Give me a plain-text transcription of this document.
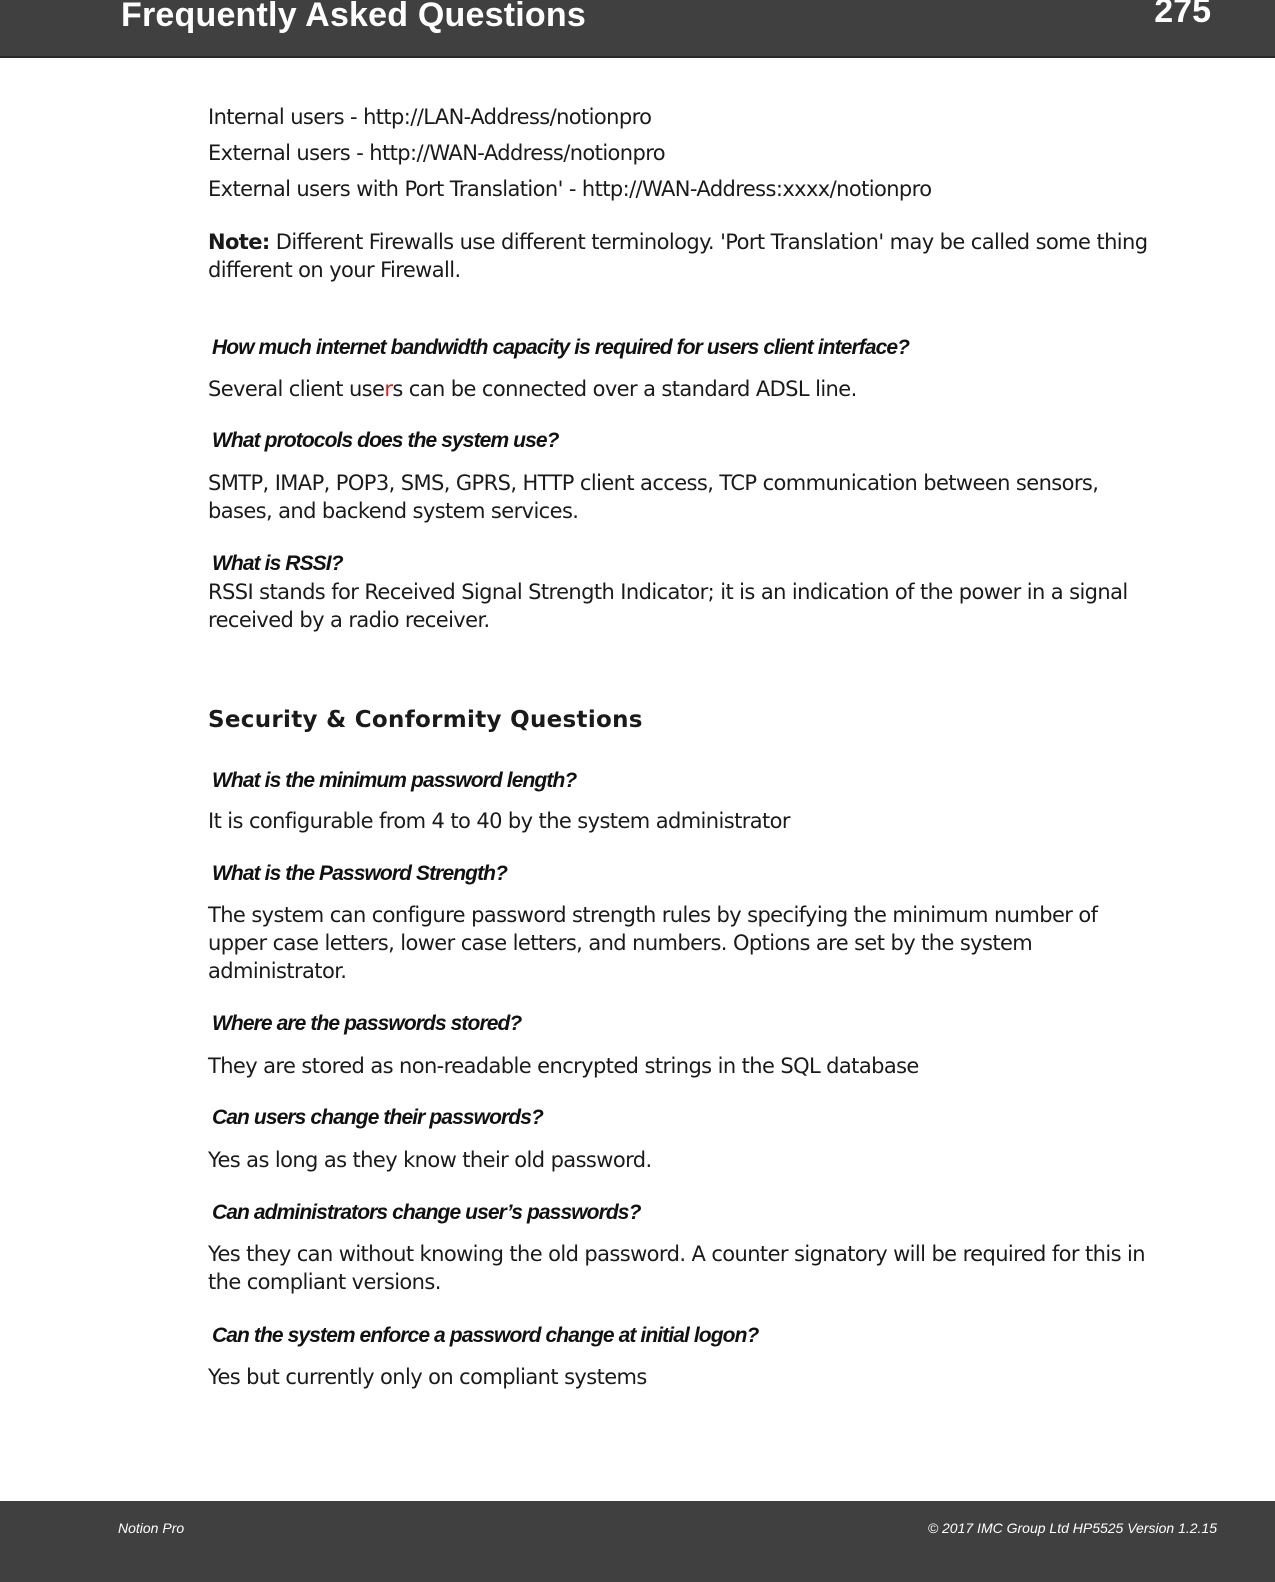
Frequently Asked Questions	275
Internal users - http://LAN-Address/notionpro
External users - http://WAN-Address/notionpro
External users with Port Translation' - http://WAN-Address:xxxx/notionpro
Note: Different Firewalls use different terminology. 'Port Translation' may be called some thing different on your Firewall.
How much internet bandwidth capacity is required for users client interface?
Several client users can be connected over a standard ADSL line.
What protocols does the system use?
SMTP, IMAP, POP3, SMS, GPRS, HTTP client access, TCP communication between sensors, bases, and backend system services.
What is RSSI?
RSSI stands for Received Signal Strength Indicator; it is an indication of the power in a signal received by a radio receiver.
Security & Conformity Questions
What is the minimum password length?
It is configurable from 4 to 40 by the system administrator
What is the Password Strength?
The system can configure password strength rules by specifying the minimum number of upper case letters, lower case letters, and numbers. Options are set by the system administrator.
Where are the passwords stored?
They are stored as non-readable encrypted strings in the SQL database
Can users change their passwords?
Yes as long as they know their old password.
Can administrators change user’s passwords?
Yes they can without knowing the old password. A counter signatory will be required for this in the compliant versions.
Can the system enforce a password change at initial logon?
Yes but currently only on compliant systems
Notion Pro	© 2017 IMC Group Ltd HP5525 Version 1.2.15
